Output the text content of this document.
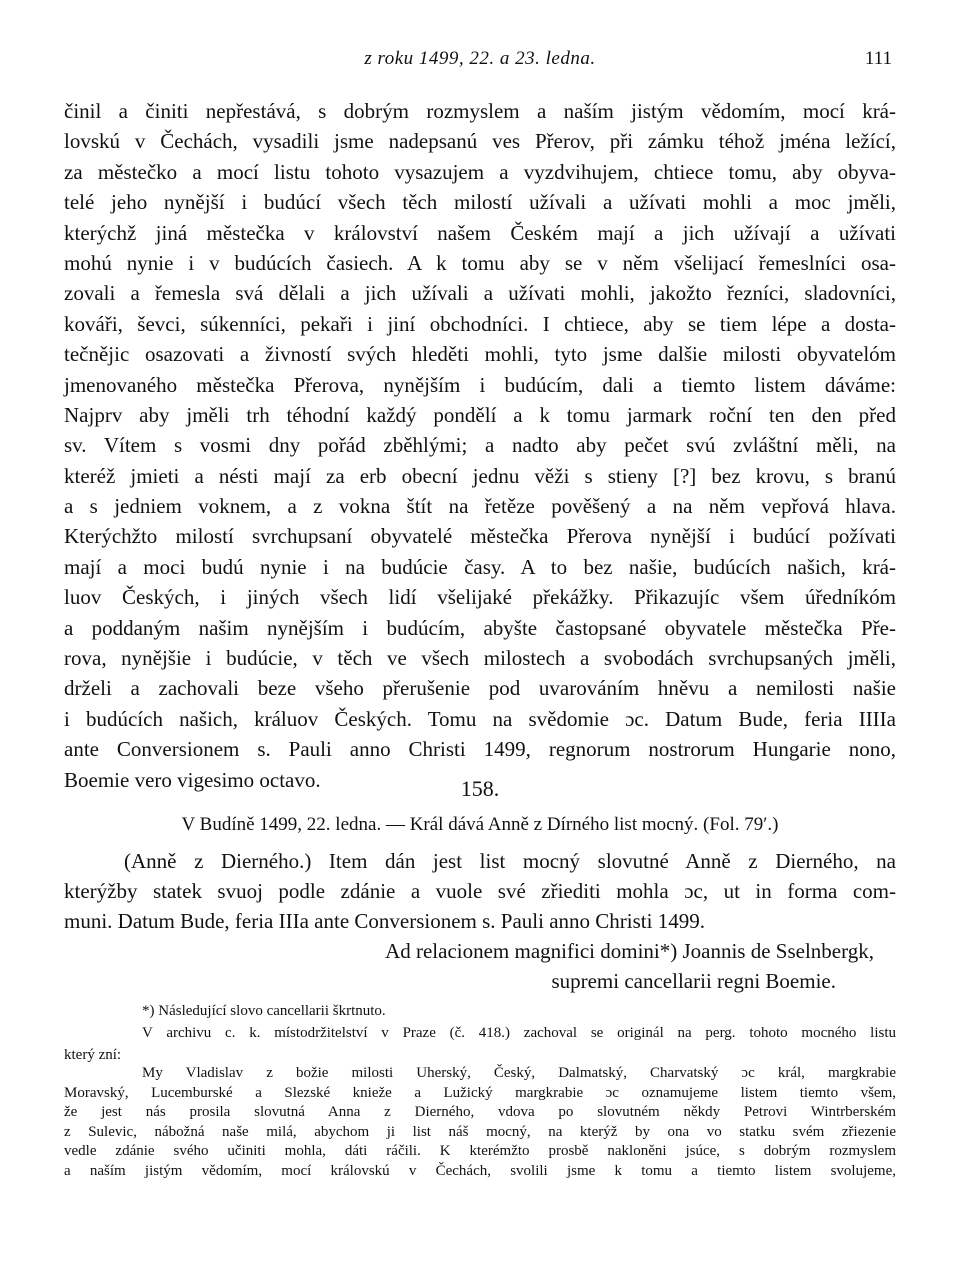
z roku 1499, 22. a 23. ledna.	111
činil a činiti nepřestává, s dobrým rozmyslem a naším jistým vědomím, mocí krá-
lovskú v Čechách, vysadili jsme nadepsanú ves Přerov, při zámku téhož jména ležící,
za městečko a mocí listu tohoto vysazujem a vyzdvihujem, chtiece tomu, aby obyva-
telé jeho nynější i budúcí všech těch milostí užívali a užívati mohli a moc jměli,
kterýchž jiná městečka v království našem Českém mají a jich užívají a užívati
mohú nynie i v budúcích časiech. A k tomu aby se v něm všelijací řemeslníci osa-
zovali a řemesla svá dělali a jich užívali a užívati mohli, jakožto řezníci, sladovníci,
kováři, ševci, súkenníci, pekaři i jiní obchodníci. I chtiece, aby se tiem lépe a dosta-
tečnějic osazovati a živností svých hleděti mohli, tyto jsme dalšie milosti obyvatelóm
jmenovaného městečka Přerova, nynějším i budúcím, dali a tiemto listem dáváme:
Najprv aby jměli trh téhodní každý pondělí a k tomu jarmark roční ten den před
sv. Vítem s vosmi dny pořád zběhlými; a nadto aby pečet svú zvláštní měli, na
kteréž jmieti a nésti mají za erb obecní jednu věži s stieny [?] bez krovu, s branú
a s jedniem voknem, a z vokna štít na řetěze pověšený a na něm vepřová hlava.
Kterýchžto milostí svrchupsaní obyvatelé městečka Přerova nynější i budúcí požívati
mají a moci budú nynie i na budúcie časy. A to bez našie, budúcích našich, krá-
luov Českých, i jiných všech lidí všelijaké překážky. Přikazujíc všem úředníkóm
a poddaným našim nynějším i budúcím, abyšte častopsané obyvatele městečka Pře-
rova, nynějšie i budúcie, v těch ve všech milostech a svobodách svrchupsaných jměli,
drželi a zachovali beze všeho přerušenie pod uvarováním hněvu a nemilosti našie
i budúcích našich, králuov Českých. Tomu na svědomie ɔc. Datum Bude, feria IIIIa
ante Conversionem s. Pauli anno Christi 1499, regnorum nostrorum Hungarie nono,
Boemie vero vigesimo octavo.	158.
V Budíně 1499, 22. ledna. — Král dává Anně z Dírného list mocný. (Fol. 79′.)
(Anně z Dierného.) Item dán jest list mocný slovutné Anně z Dierného, na
kterýžby statek svuoj podle zdánie a vuole své zřiediti mohla ɔc, ut in forma com-
muni. Datum Bude, feria IIIa ante Conversionem s. Pauli anno Christi 1499.
Ad relacionem magnifici domini*) Joannis de Sselnbergk,
supremi cancellarii regni Boemie.
*) Následující slovo cancellarii škrtnuto.
V archivu c. k. místodržitelství v Praze (č. 418.) zachoval se originál na perg. tohoto mocného listu
který zní:
My Vladislav z božie milosti Uherský, Český, Dalmatský, Charvatský ɔc král, margkrabie
Moravský, Lucemburské a Slezské knieže a Lužický margkrabie ɔc oznamujeme listem tiemto všem,
že jest nás prosila slovutná Anna z Dierného, vdova po slovutném někdy Petrovi Wintrberském
z Sulevic, nábožná naše milá, abychom ji list náš mocný, na kterýž by ona vo statku svém zřiezenie
vedle zdánie svého učiniti mohla, dáti ráčili. K kterémžto prosbě nakloněni jsúce, s dobrým rozmyslem
a naším jistým vědomím, mocí královskú v Čechách, svolili jsme k tomu a tiemto listem svolujeme,
